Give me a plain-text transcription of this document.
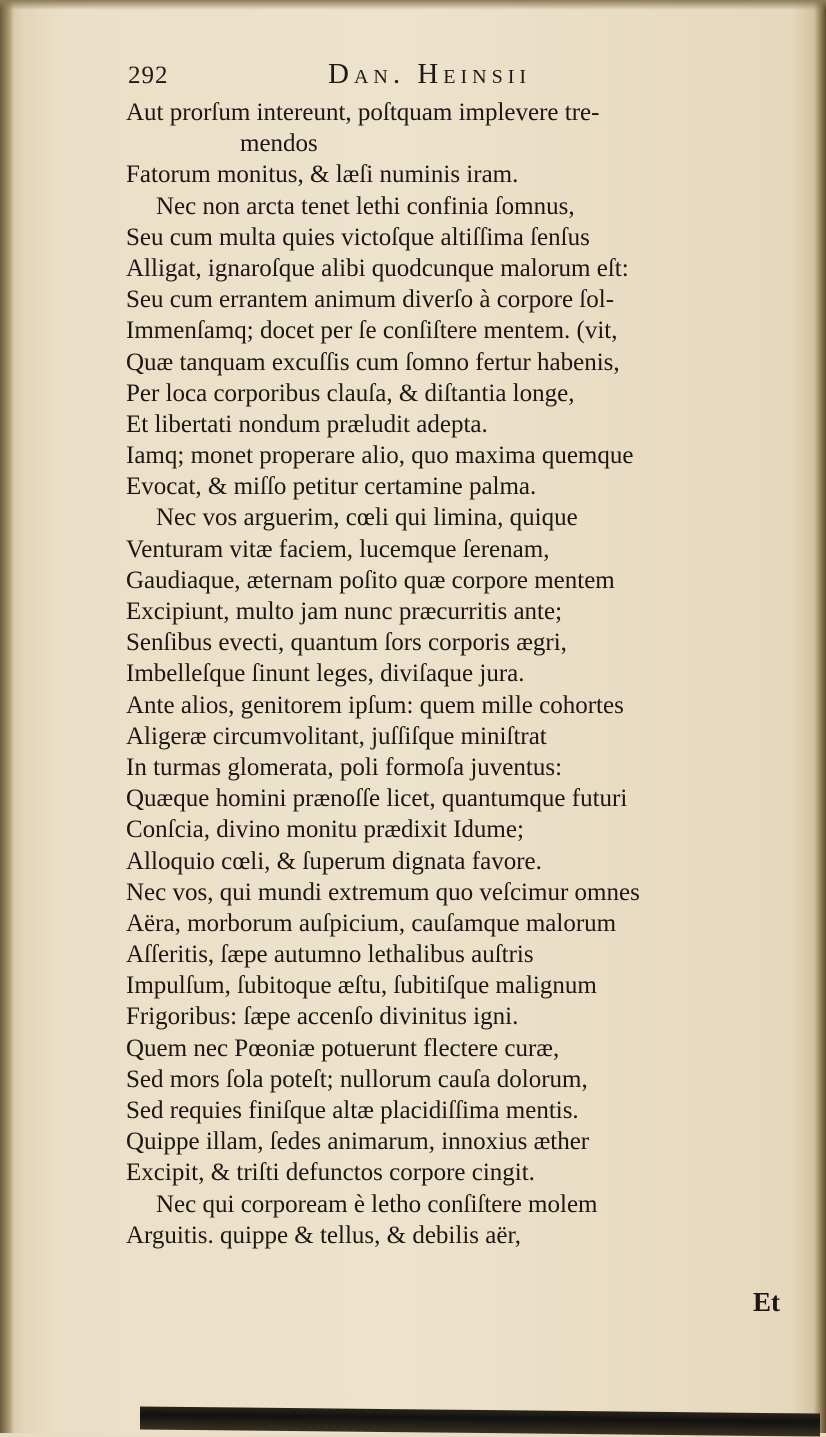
292	Dan. Heinsii
Aut prorſum intereunt, poſtquam implevere tre-
mendos
Fatorum monitus, & læſi numinis iram.
Nec non arcta tenet lethi confinia ſomnus,
Seu cum multa quies victoſque altiſſima ſenſus
Alligat, ignaroſque alibi quodcunque malorum eſt:
Seu cum errantem animum diverſo à corpore ſol-
Immenſamq; docet per ſe conſiſtere mentem. (vit,
Quæ tanquam excuſſis cum ſomno fertur habenis,
Per loca corporibus clauſa, & diſtantia longe,
Et libertati nondum præludit adepta.
Iamq; monet properare alio, quo maxima quemque
Evocat, & miſſo petitur certamine palma.
Nec vos arguerim, cœli qui limina, quique
Venturam vitæ faciem, lucemque ſerenam,
Gaudiaque, æternam poſito quæ corpore mentem
Excipiunt, multo jam nunc præcurritis ante;
Senſibus evecti, quantum ſors corporis ægri,
Imbelleſque ſinunt leges, diviſaque jura.
Ante alios, genitorem ipſum: quem mille cohortes
Aligeræ circumvolitant, juſſiſque miniſtrat
In turmas glomerata, poli formoſa juventus:
Quæque homini prænoſſe licet, quantumque futuri
Conſcia, divino monitu prædixit Idume;
Alloquio cœli, & ſuperum dignata favore.
Nec vos, qui mundi extremum quo veſcimur omnes
Aëra, morborum auſpicium, cauſamque malorum
Aſſeritis, ſæpe autumno lethalibus auſtris
Impulſum, ſubitoque æſtu, ſubitiſque malignum
Frigoribus: ſæpe accenſo divinitus igni.
Quem nec Pœoniæ potuerunt flectere curæ,
Sed mors ſola poteſt; nullorum cauſa dolorum,
Sed requies finiſque altæ placidiſſima mentis.
Quippe illam, ſedes animarum, innoxius æther
Excipit, & triſti defunctos corpore cingit.
Nec qui corpoream è letho conſiſtere molem
Arguitis. quippe & tellus, & debilis aër,
Et
